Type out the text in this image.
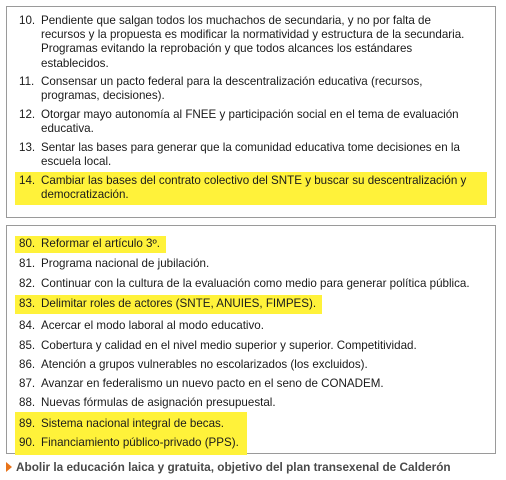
10. Pendiente que salgan todos los muchachos de secundaria, y no por falta de
recursos y la propuesta es modificar la normatividad y estructura de la secundaria.
Programas evitando la reprobación y que todos alcances los estándares
establecidos.
11. Consensar un pacto federal para la descentralización educativa (recursos,
programas, decisiones).
12. Otorgar mayo autonomía al FNEE y participación social en el tema de evaluación
educativa.
13. Sentar las bases para generar que la comunidad educativa tome decisiones en la
escuela local.
14. Cambiar las bases del contrato colectivo del SNTE y buscar su descentralización y
democratización.
80. Reformar el artículo 3º.
81. Programa nacional de jubilación.
82. Continuar con la cultura de la evaluación como medio para generar política pública.
83. Delimitar roles de actores (SNTE, ANUIES, FIMPES).
84. Acercar el modo laboral al modo educativo.
85. Cobertura y calidad en el nivel medio superior y superior. Competitividad.
86. Atención a grupos vulnerables no escolarizados (los excluidos).
87. Avanzar en federalismo un nuevo pacto en el seno de CONADEM.
88. Nuevas fórmulas de asignación presupuestal.
89. Sistema nacional integral de becas.
90. Financiamiento público-privado (PPS).
Abolir la educación laica y gratuita, objetivo del plan transexenal de Calderón
